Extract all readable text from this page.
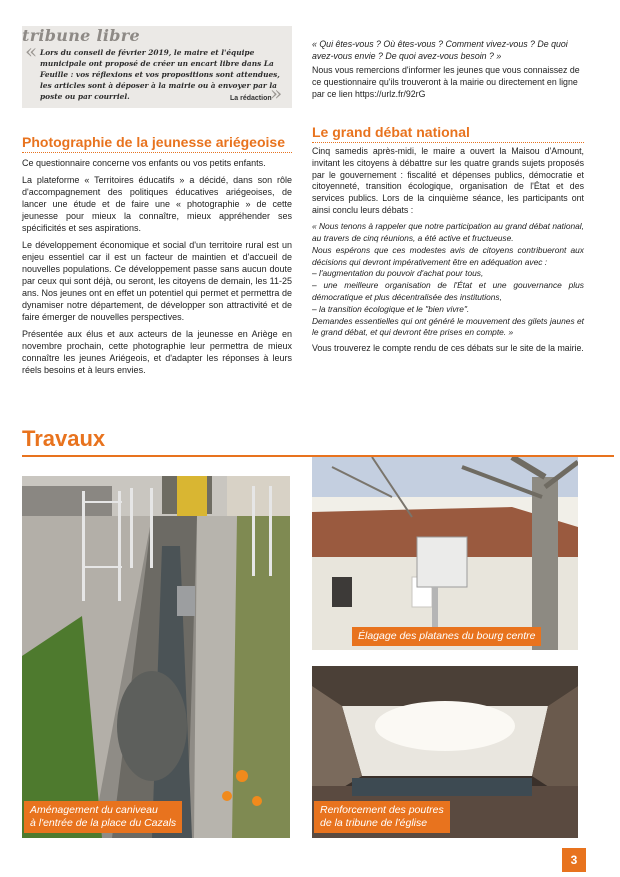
tribune libre
« Lors du conseil de février 2019, le maire et l'équipe municipale ont proposé de créer un encart libre dans La Feuille : vos réflexions et vos propositions sont attendues, les articles sont à déposer à la mairie ou à envoyer par la poste ou par courriel.	»
La rédaction
Photographie de la jeunesse ariégeoise

Ce questionnaire concerne vos enfants ou vos petits enfants.

La plateforme « Territoires éducatifs » a décidé, dans son rôle d'accompagnement des politiques éducatives ariégeoises, de lancer une étude et de faire une « photographie » de cette jeunesse pour mieux la connaître, mieux appréhender ses spécificités et ses aspirations.

Le développement économique et social d'un territoire rural est un enjeu essentiel car il est un facteur de maintien et d'accueil de nouvelles populations. Ce développement passe sans aucun doute par ceux qui sont déjà, ou seront, les citoyens de demain, les 11-25 ans. Nos jeunes ont en effet un potentiel qui permet et permettra de dynamiser notre département, de développer son attractivité et de faire émerger de nouvelles perspectives.

Présentée aux élus et aux acteurs de la jeunesse en Ariège en novembre prochain, cette photographie leur permettra de mieux connaître les jeunes Ariégeois, et d'adapter les réponses à leurs réels besoins et à leurs envies.

« Qui êtes-vous ? Où êtes-vous ? Comment vivez-vous ? De quoi avez-vous envie ? De quoi avez-vous besoin ? »
Nous vous remercions d'informer les jeunes que vous connaissez de ce questionnaire qu'ils trouveront à la mairie ou directement en ligne par ce lien https://urlz.fr/92rG
Le grand débat national

Cinq samedis après-midi, le maire a ouvert la Maisou d'Amount, invitant les citoyens à débattre sur les quatre grands sujets proposés par le gouvernement : fiscalité et dépenses publics, démocratie et citoyenneté, transition écologique, organisation de l'État et des services publics. Lors de la cinquième séance, les participants ont ainsi conclu leurs débats :

« Nous tenons à rappeler que notre participation au grand débat national, au travers de cinq réunions, a été active et fructueuse.

Nous espérons que ces modestes avis de citoyens contribueront aux décisions qui devront impérativement être en adéquation avec :

– l'augmentation du pouvoir d'achat pour tous,

– une meilleure organisation de l'État et une gouvernance plus démocratique et plus décentralisée des institutions,

– la transition écologique et le "bien vivre".

Demandes essentielles qui ont généré le mouvement des gilets jaunes et le grand débat, et qui devront être prises en compte. »

Vous trouverez le compte rendu de ces débats sur le site de la mairie.

Travaux
Aménagement du caniveau
à l'entrée de la place du Cazals
Élagage des platanes du bourg centre
Renforcement des poutres
de la tribune de l'église
3
